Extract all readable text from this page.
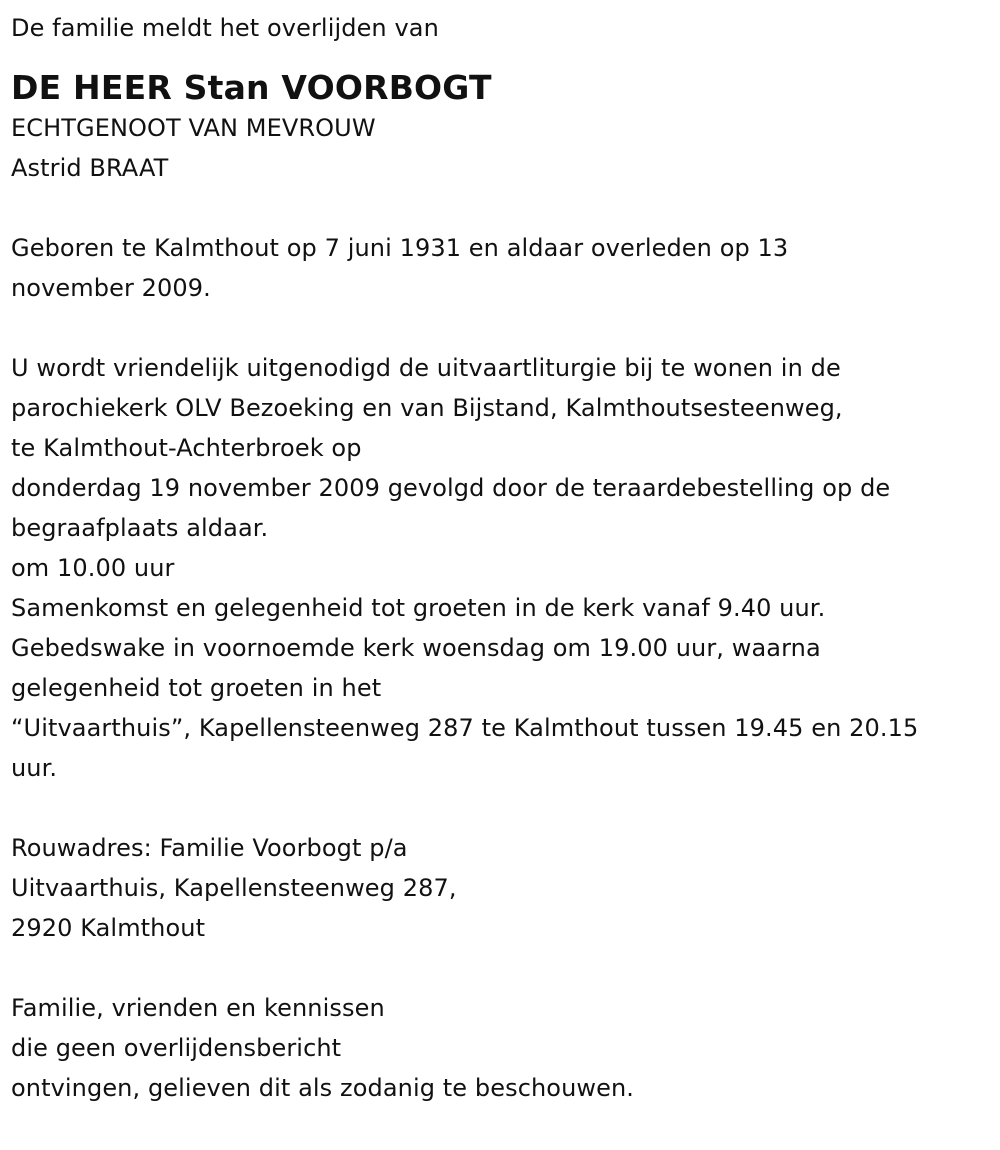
De familie meldt het overlijden van
DE HEER Stan VOORBOGT
ECHTGENOOT VAN MEVROUW
Astrid BRAAT
Geboren te Kalmthout op 7 juni 1931 en aldaar overleden op 13
november 2009.
U wordt vriendelijk uitgenodigd de uitvaartliturgie bij te wonen in de
parochiekerk OLV Bezoeking en van Bijstand, Kalmthoutsesteenweg,
te Kalmthout-Achterbroek op
donderdag 19 november 2009 gevolgd door de teraardebestelling op de
begraafplaats aldaar.
om 10.00 uur
Samenkomst en gelegenheid tot groeten in de kerk vanaf 9.40 uur.
Gebedswake in voornoemde kerk woensdag om 19.00 uur, waarna
gelegenheid tot groeten in het
“Uitvaarthuis”, Kapellensteenweg 287 te Kalmthout tussen 19.45 en 20.15
uur.
Rouwadres: Familie Voorbogt p/a
Uitvaarthuis, Kapellensteenweg 287,
2920 Kalmthout
Familie, vrienden en kennissen
die geen overlijdensbericht
ontvingen, gelieven dit als zodanig te beschouwen.
